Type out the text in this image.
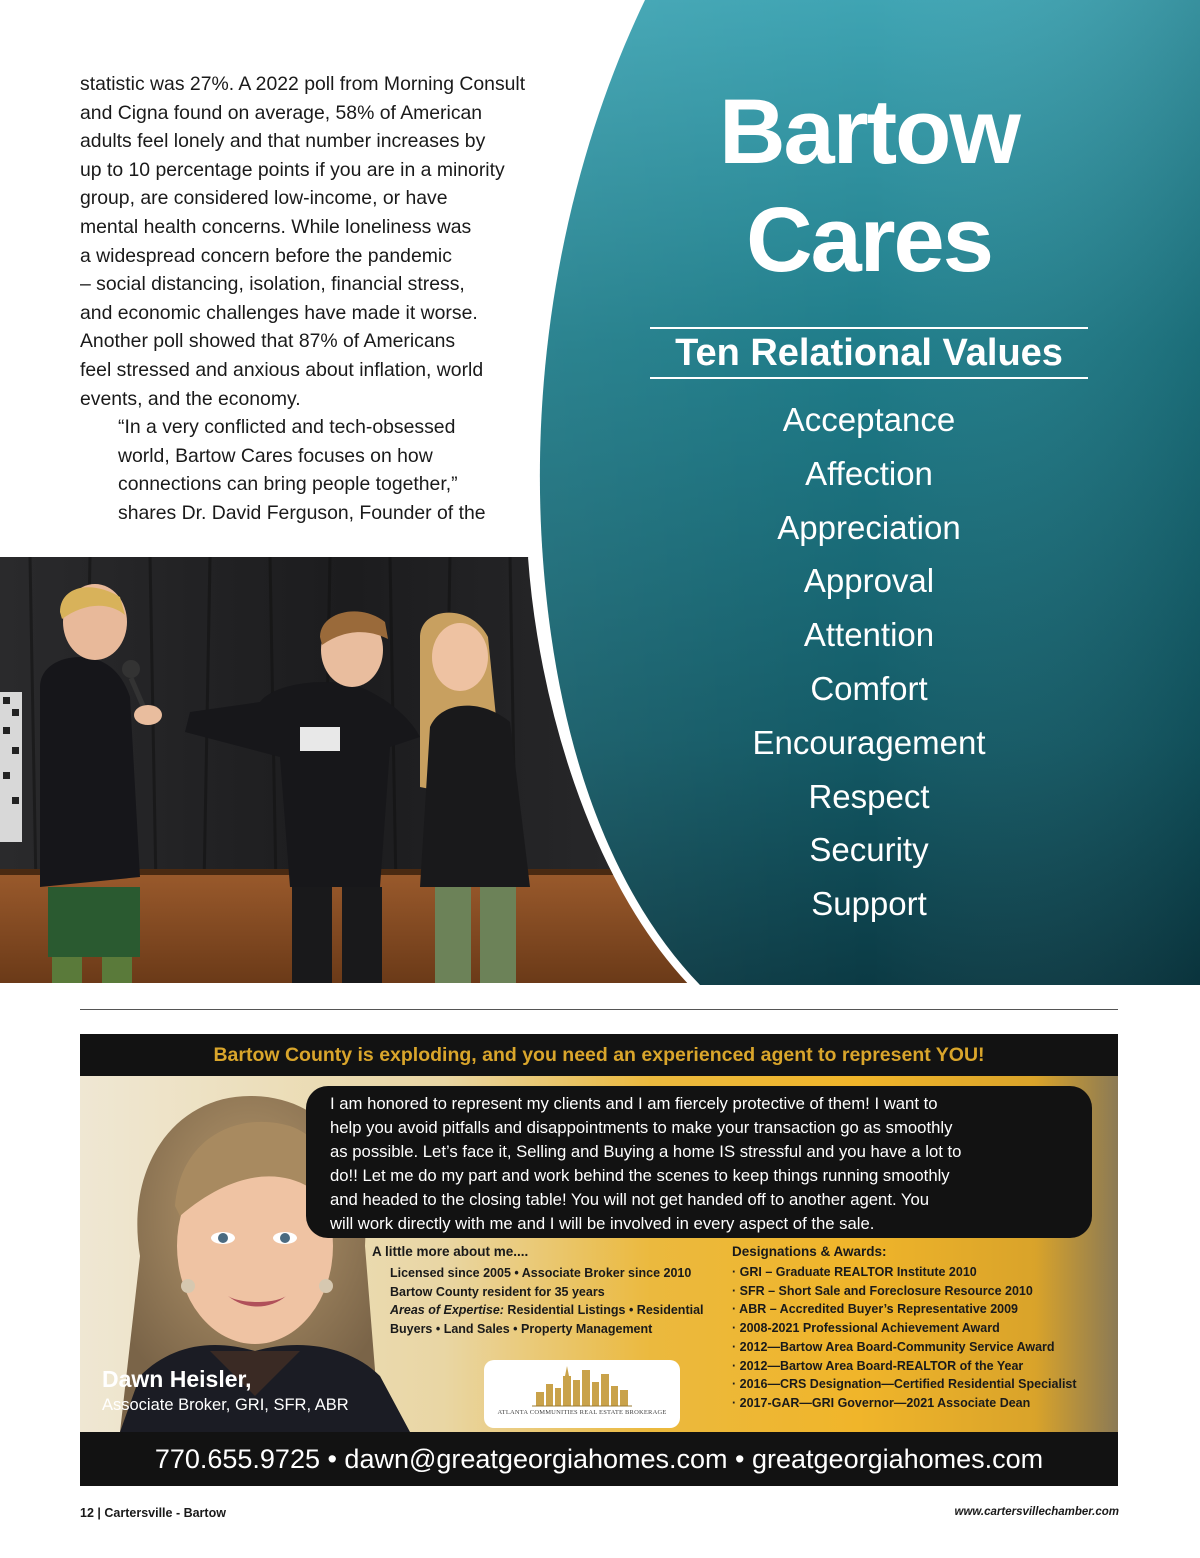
statistic was 27%. A 2022 poll from Morning Consult
and Cigna found on average, 58% of American
adults feel lonely and that number increases by
up to 10 percentage points if you are in a minority
group, are considered low-income, or have
mental health concerns. While loneliness was
a widespread concern before the pandemic
– social distancing, isolation, financial stress,
and economic challenges have made it worse.
Another poll showed that 87% of Americans
feel stressed and anxious about inflation, world
events, and the economy.

“In a very conflicted and tech-obsessed
world, Bartow Cares focuses on how
connections can bring people together,”
shares Dr. David Ferguson, Founder of the

Bartow
Cares
Ten Relational Values
Acceptance
Affection
Appreciation
Approval
Attention
Comfort
Encouragement
Respect
Security
Support
Bartow County is exploding, and you need an experienced agent to represent YOU!
I am honored to represent my clients and I am fiercely protective of them! I want to
help you avoid pitfalls and disappointments to make your transaction go as smoothly
as possible. Let’s face it, Selling and Buying a home IS stressful and you have a lot to
do!! Let me do my part and work behind the scenes to keep things running smoothly
and headed to the closing table! You will not get handed off to another agent. You
will work directly with me and I will be involved in every aspect of the sale.
A little more about me....
Licensed since 2005 • Associate Broker since 2010
Bartow County resident for 35 years
Areas of Expertise: Residential Listings • Residential
Buyers • Land Sales • Property Management
Designations & Awards:
· GRI – Graduate REALTOR Institute 2010
· SFR – Short Sale and Foreclosure Resource 2010
· ABR – Accredited Buyer’s Representative 2009
· 2008-2021 Professional Achievement Award
· 2012—Bartow Area Board-Community Service Award
· 2012—Bartow Area Board-REALTOR of the Year
· 2016—CRS Designation—Certified Residential Specialist
· 2017-GAR—GRI Governor—2021 Associate Dean
Dawn Heisler,
Associate Broker, GRI, SFR, ABR	ATLANTA COMMUNITIES REAL ESTATE BROKERAGE
770.655.9725 • dawn@greatgeorgiahomes.com • greatgeorgiahomes.com
12 | Cartersville - Bartow	www.cartersvillechamber.com
